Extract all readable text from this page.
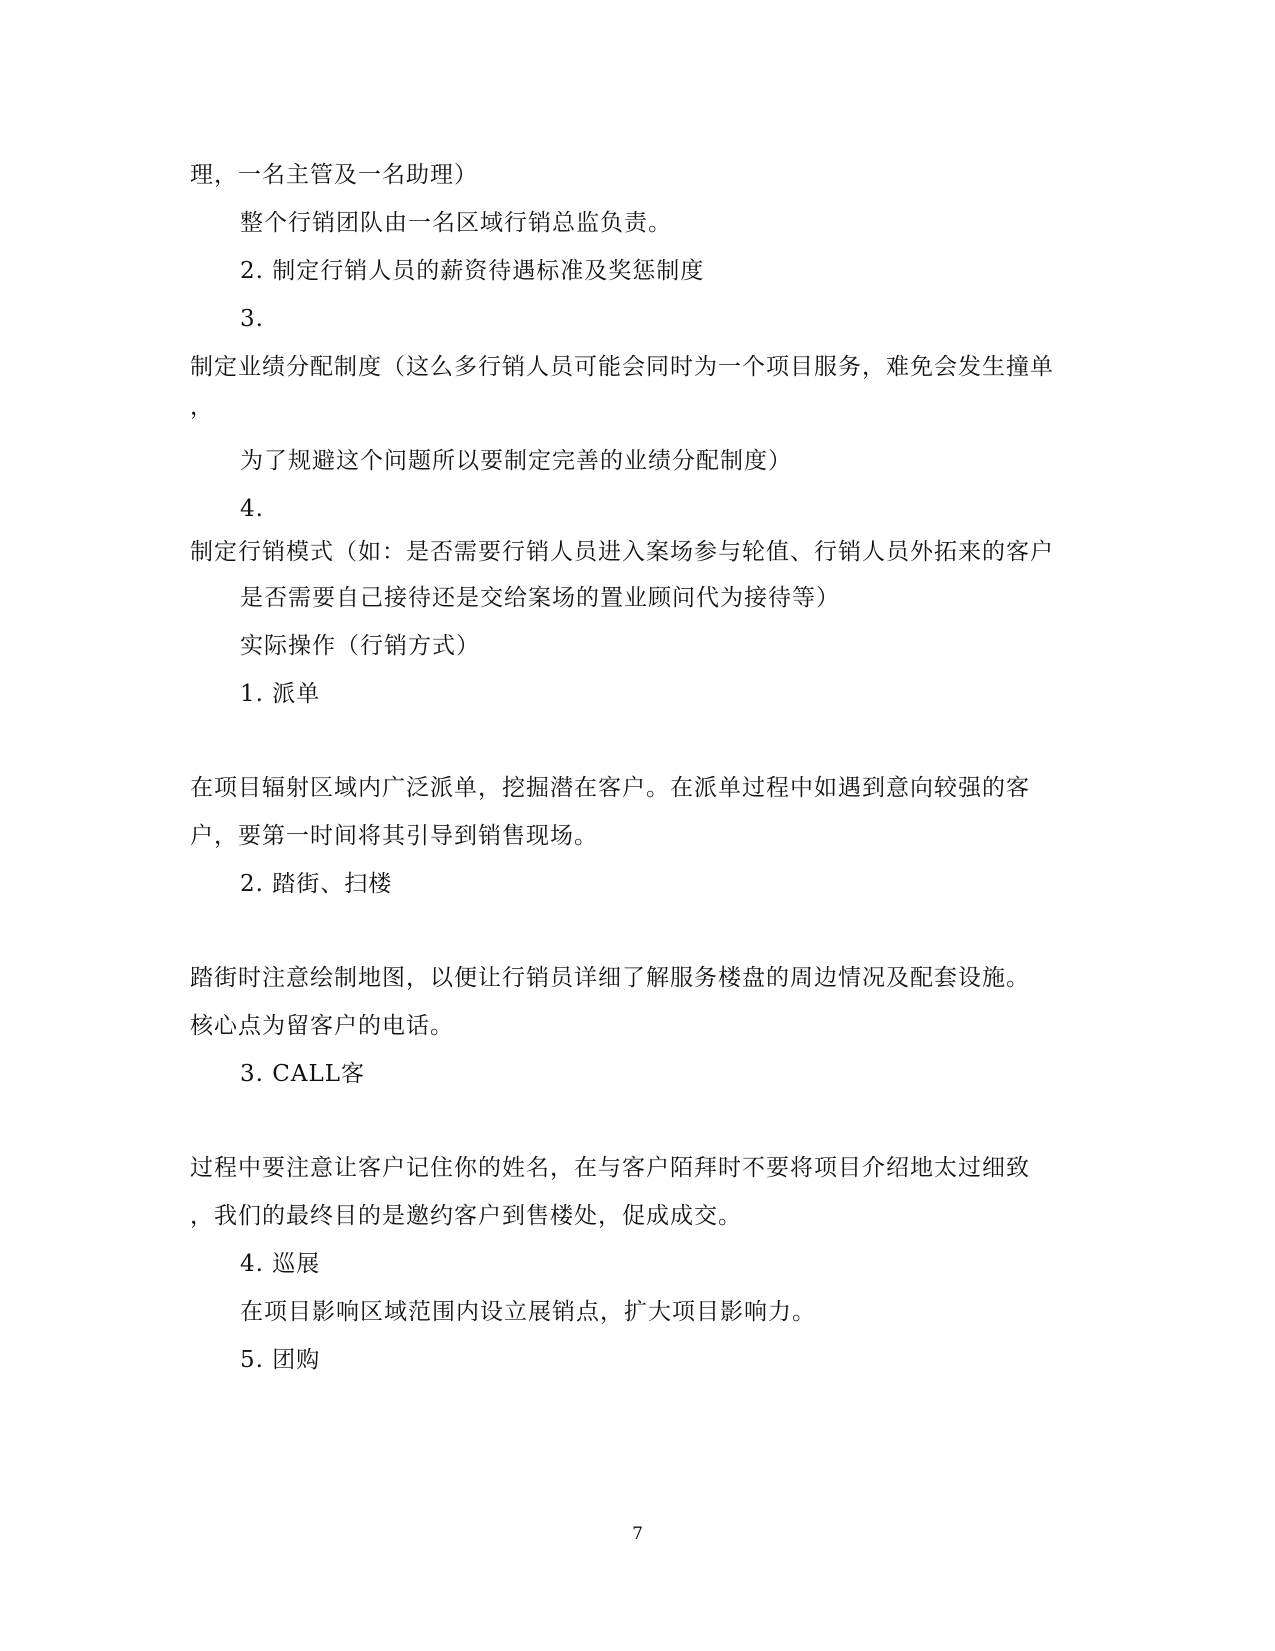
理，一名主管及一名助理）
整个行销团队由一名区域行销总监负责。
2. 制定行销人员的薪资待遇标准及奖惩制度
3.
制定业绩分配制度（这么多行销人员可能会同时为一个项目服务，难免会发生撞单
，
为了规避这个问题所以要制定完善的业绩分配制度）
4.
制定行销模式（如：是否需要行销人员进入案场参与轮值、行销人员外拓来的客户
是否需要自己接待还是交给案场的置业顾问代为接待等）
实际操作（行销方式）
1. 派单
在项目辐射区域内广泛派单，挖掘潜在客户。在派单过程中如遇到意向较强的客
户，要第一时间将其引导到销售现场。
2. 踏街、扫楼
踏街时注意绘制地图，以便让行销员详细了解服务楼盘的周边情况及配套设施。
核心点为留客户的电话。
3. CALL客
过程中要注意让客户记住你的姓名，在与客户陌拜时不要将项目介绍地太过细致
，我们的最终目的是邀约客户到售楼处，促成成交。
4. 巡展
在项目影响区域范围内设立展销点，扩大项目影响力。
5. 团购
7
